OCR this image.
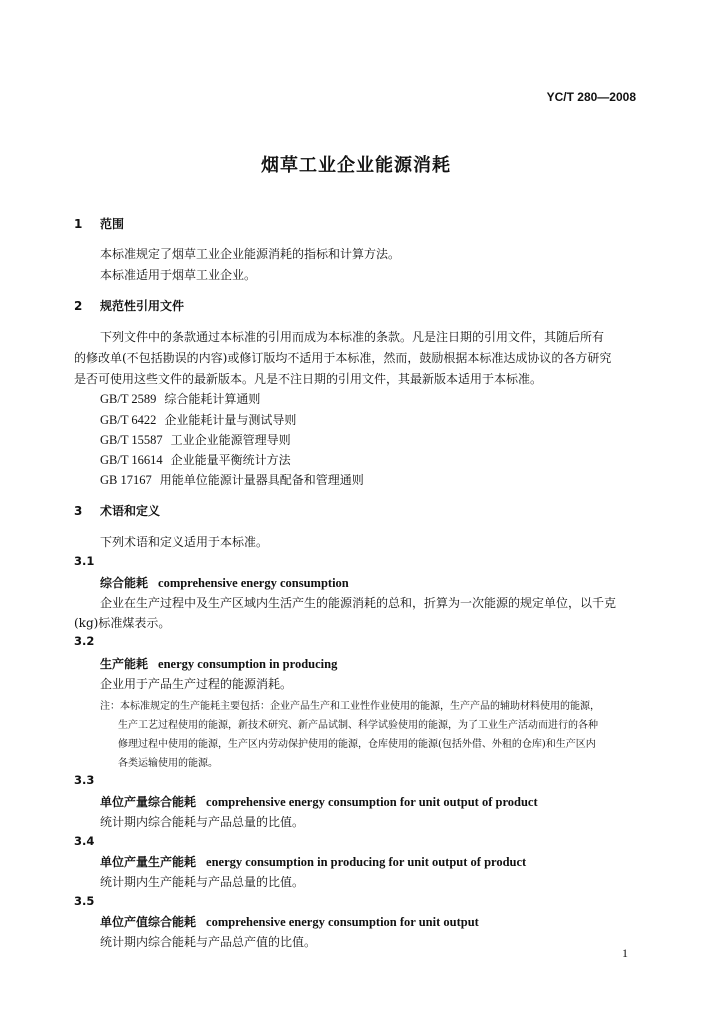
YC/T 280—2008
烟草工业企业能源消耗
1 范围
本标准规定了烟草工业企业能源消耗的指标和计算方法。
本标准适用于烟草工业企业。
2 规范性引用文件
下列文件中的条款通过本标准的引用而成为本标准的条款。凡是注日期的引用文件，其随后所有
的修改单(不包括勘误的内容)或修订版均不适用于本标准，然而，鼓励根据本标准达成协议的各方研究
是否可使用这些文件的最新版本。凡是不注日期的引用文件，其最新版本适用于本标准。
GB/T 2589 综合能耗计算通则
GB/T 6422 企业能耗计量与测试导则
GB/T 15587 工业企业能源管理导则
GB/T 16614 企业能量平衡统计方法
GB 17167 用能单位能源计量器具配备和管理通则
3 术语和定义
下列术语和定义适用于本标准。
3.1
综合能耗 comprehensive energy consumption
企业在生产过程中及生产区域内生活产生的能源消耗的总和，折算为一次能源的规定单位，以千克
(kg)标准煤表示。
3.2
生产能耗 energy consumption in producing
企业用于产品生产过程的能源消耗。
注：本标准规定的生产能耗主要包括：企业产品生产和工业性作业使用的能源，生产产品的辅助材料使用的能源，
生产工艺过程使用的能源，新技术研究、新产品试制、科学试验使用的能源，为了工业生产活动而进行的各种
修理过程中使用的能源，生产区内劳动保护使用的能源，仓库使用的能源(包括外借、外租的仓库)和生产区内
各类运输使用的能源。
3.3
单位产量综合能耗 comprehensive energy consumption for unit output of product
统计期内综合能耗与产品总量的比值。
3.4
单位产量生产能耗 energy consumption in producing for unit output of product
统计期内生产能耗与产品总量的比值。
3.5
单位产值综合能耗 comprehensive energy consumption for unit output
统计期内综合能耗与产品总产值的比值。
1
